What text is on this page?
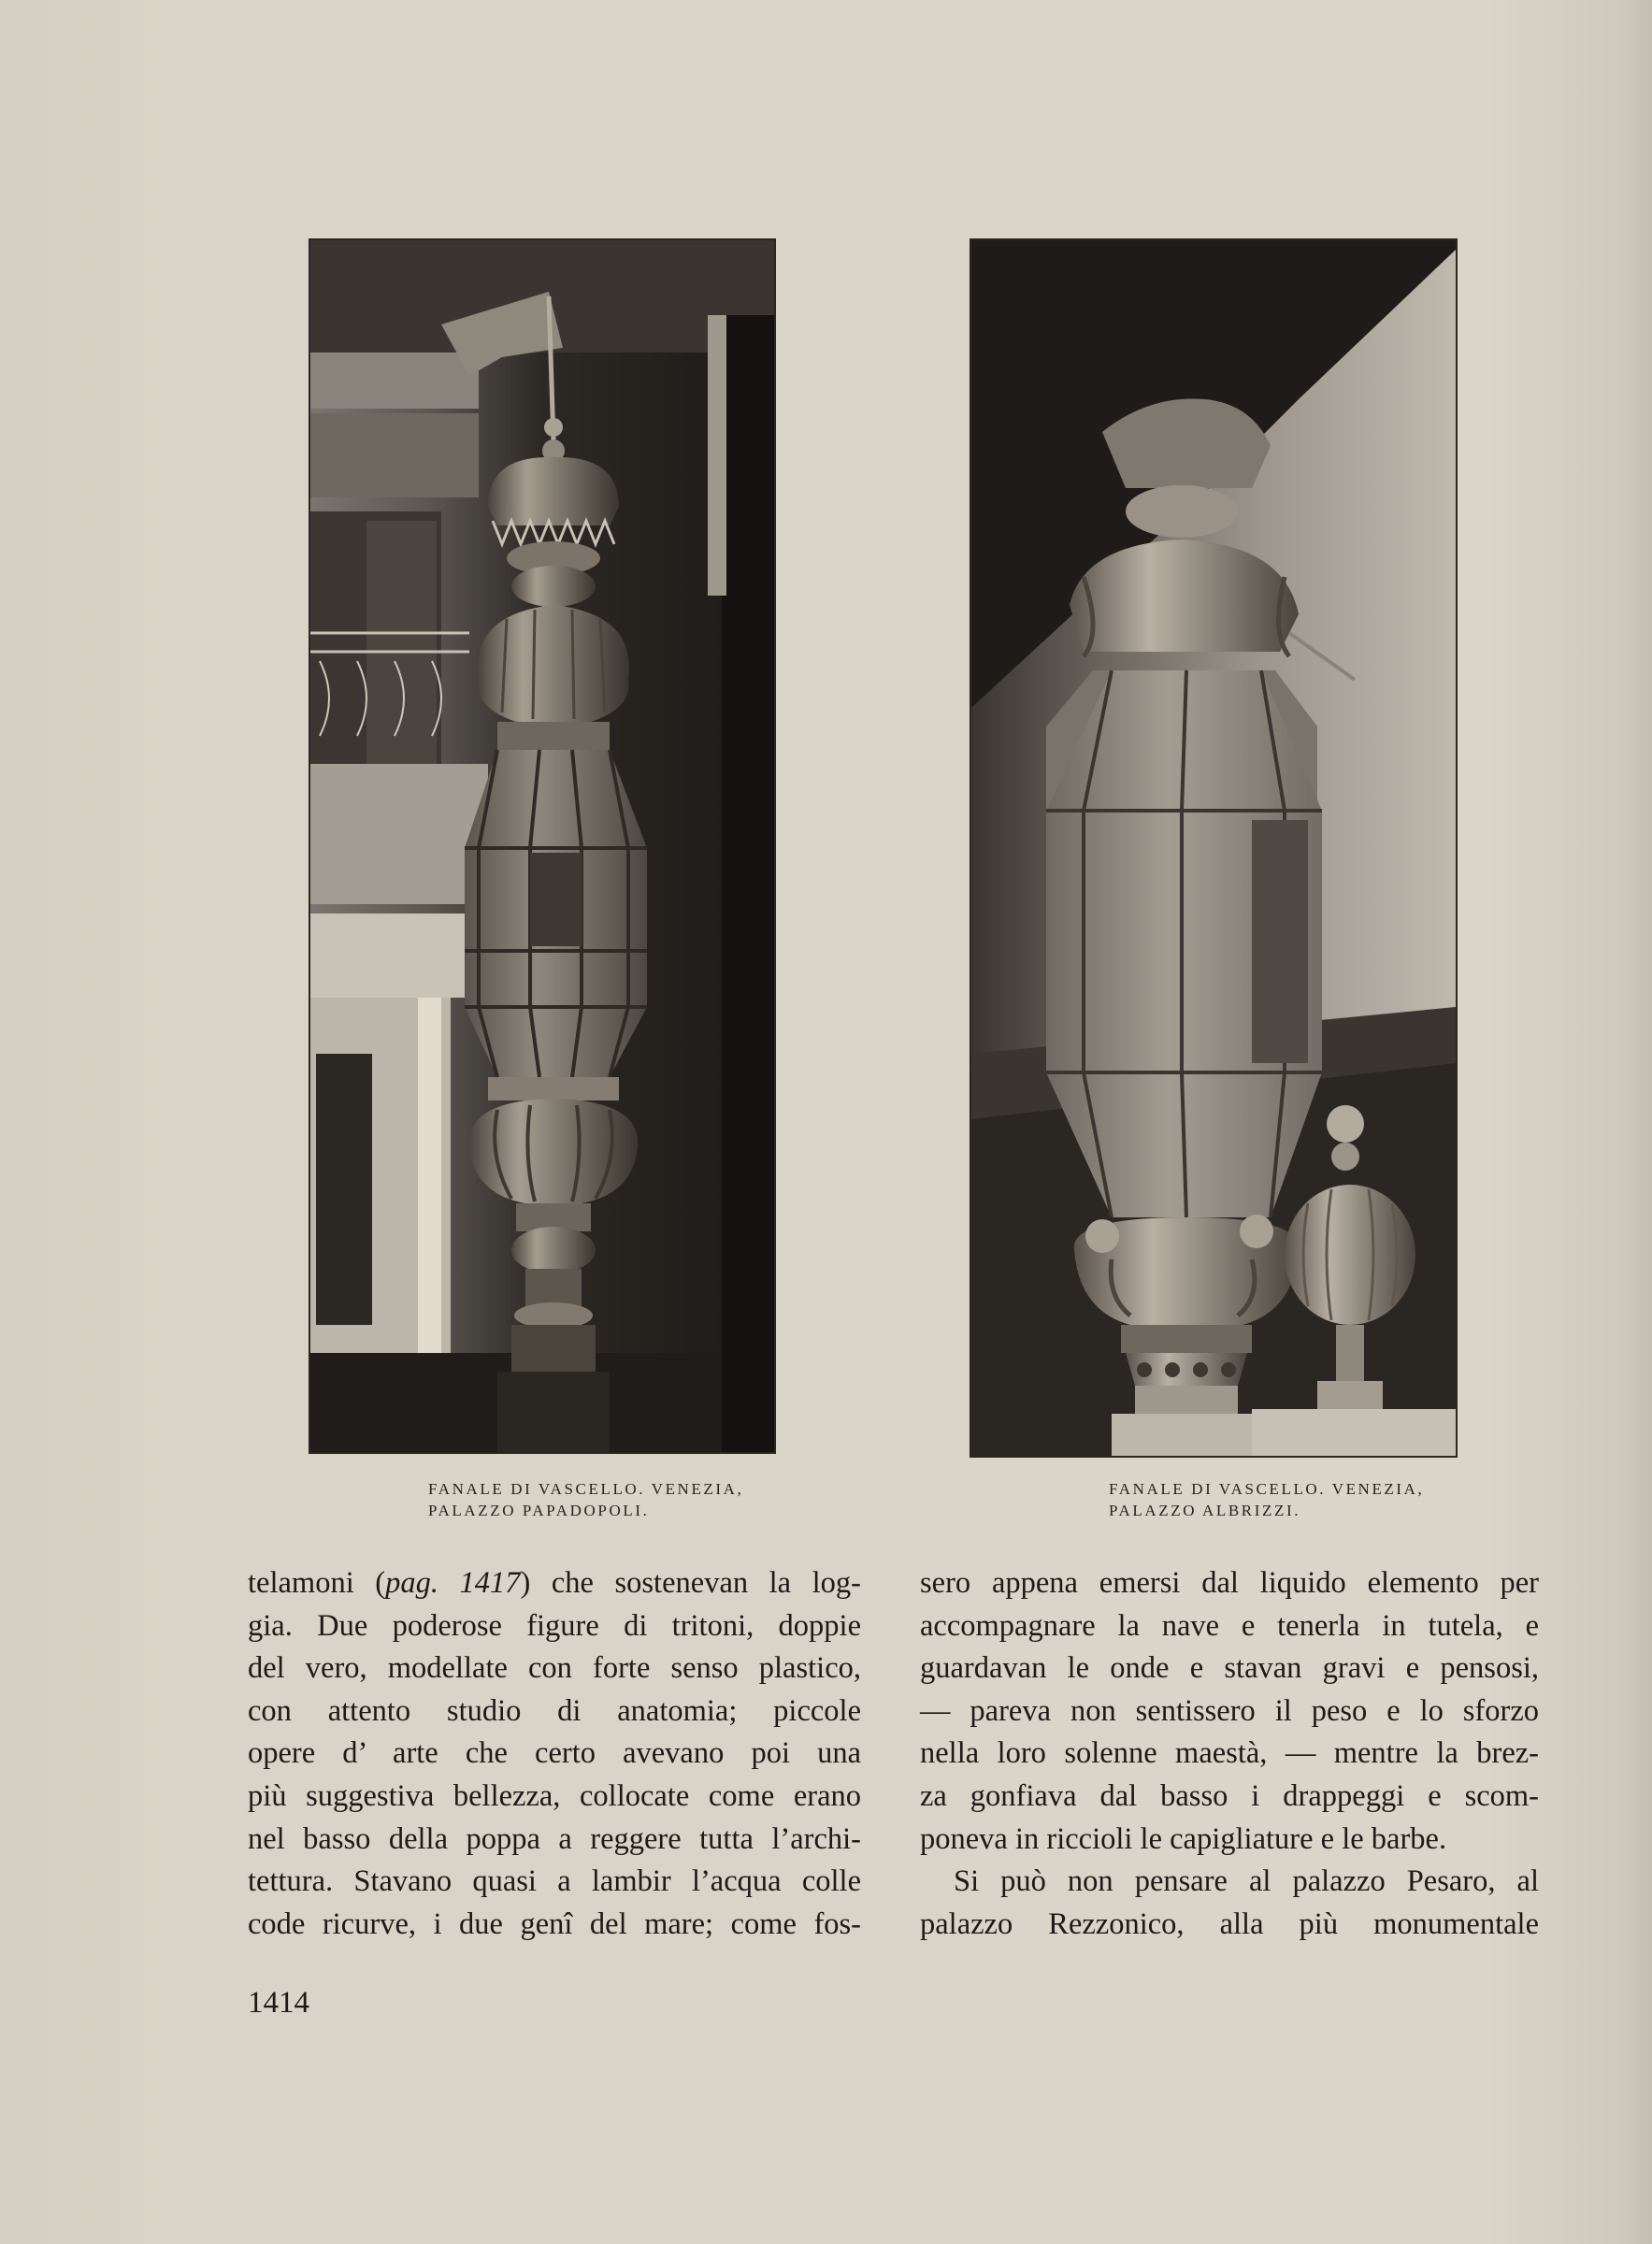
FANALE DI VASCELLO. VENEZIA,
PALAZZO PAPADOPOLI.
FANALE DI VASCELLO. VENEZIA,
PALAZZO ALBRIZZI.
telamoni (pag. 1417) che sostenevan la log-
gia. Due poderose figure di tritoni, doppie
del vero, modellate con forte senso plastico,
con attento studio di anatomia; piccole
opere d’ arte che certo avevano poi una
più suggestiva bellezza, collocate come erano
nel basso della poppa a reggere tutta l’archi-
tettura. Stavano quasi a lambir l’acqua colle
code ricurve, i due genî del mare; come fos-
sero appena emersi dal liquido elemento per
accompagnare la nave e tenerla in tutela, e
guardavan le onde e stavan gravi e pensosi,
— pareva non sentissero il peso e lo sforzo
nella loro solenne maestà, — mentre la brez-
za gonfiava dal basso i drappeggi e scom-
poneva in riccioli le capigliature e le barbe.
Si può non pensare al palazzo Pesaro, al
palazzo Rezzonico, alla più monumentale
1414
